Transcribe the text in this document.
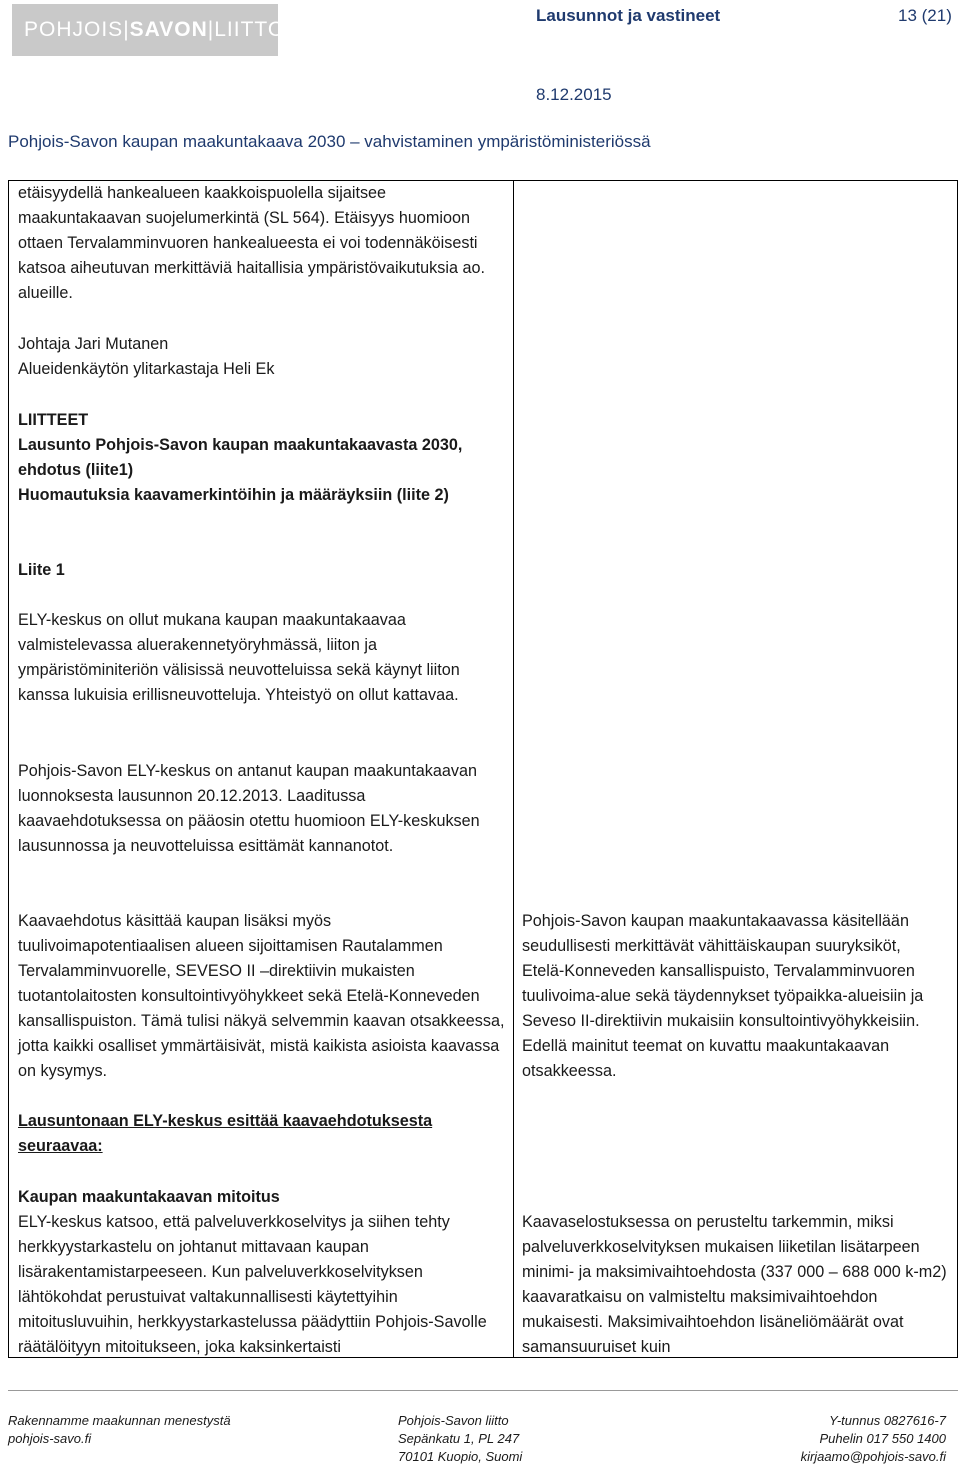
POHJOIS|SAVON|LIITTO
Lausunnot ja vastineet	13 (21)
8.12.2015
Pohjois-Savon kaupan maakuntakaava 2030 – vahvistaminen ympäristöministeriössä
etäisyydellä hankealueen kaakkoispuolella sijaitsee maakuntakaavan suojelumerkintä (SL 564). Etäisyys huomioon ottaen Tervalamminvuoren hankealueesta ei voi todennäköisesti katsoa aiheutuvan merkittäviä haitallisia ympäristövaikutuksia ao. alueille.
Johtaja Jari Mutanen
Alueidenkäytön ylitarkastaja Heli Ek
LIITTEET
Lausunto Pohjois-Savon kaupan maakuntakaavasta 2030, ehdotus (liite1)
Huomautuksia kaavamerkintöihin ja määräyksiin (liite 2)
Liite 1
ELY-keskus on ollut mukana kaupan maakuntakaavaa valmistelevassa aluerakennetyöryhmässä, liiton ja ympäristöminiteriön välisissä neuvotteluissa sekä käynyt liiton kanssa lukuisia erillisneuvotteluja. Yhteistyö on ollut kattavaa.
Pohjois-Savon ELY-keskus on antanut kaupan maakuntakaavan luonnoksesta lausunnon 20.12.2013. Laaditussa kaavaehdotuksessa on pääosin otettu huomioon ELY-keskuksen lausunnossa ja neuvotteluissa esittämät kannanotot.
Kaavaehdotus käsittää kaupan lisäksi myös tuulivoimapotentiaalisen alueen sijoittamisen Rautalammen Tervalamminvuorelle, SEVESO II –direktiivin mukaisten tuotantolaitosten konsultointivyöhykkeet sekä Etelä-Konneveden kansallispuiston. Tämä tulisi näkyä selvemmin kaavan otsakkeessa, jotta kaikki osalliset ymmärtäisivät, mistä kaikista asioista kaavassa on kysymys.
Lausuntonaan ELY-keskus esittää kaavaehdotuksesta seuraavaa:
Kaupan maakuntakaavan mitoitus
ELY-keskus katsoo, että palveluverkkoselvitys ja siihen tehty herkkyystarkastelu on johtanut mittavaan kaupan lisärakentamistarpeeseen. Kun palveluverkkoselvityksen lähtökohdat perustuivat valtakunnallisesti käytettyihin mitoitusluvuihin, herkkyystarkastelussa päädyttiin Pohjois-Savolle räätälöityyn mitoitukseen, joka kaksinkertaisti
Pohjois-Savon kaupan maakuntakaavassa käsitellään seudullisesti merkittävät vähittäiskaupan suuryksiköt, Etelä-Konneveden kansallispuisto, Tervalamminvuoren tuulivoima-alue sekä täydennykset työpaikka-alueisiin ja Seveso II-direktiivin mukaisiin konsultointivyöhykkeisiin. Edellä mainitut teemat on kuvattu maakuntakaavan otsakkeessa.
Kaavaselostuksessa on perusteltu tarkemmin, miksi palveluverkkoselvityksen mukaisen liiketilan lisätarpeen minimi- ja maksimivaihtoehdosta (337 000 – 688 000 k-m2) kaavaratkaisu on valmisteltu maksimivaihtoehdon mukaisesti. Maksimivaihtoehdon lisäneliömäärät ovat samansuuruiset kuin
Rakennamme maakunnan menestystä
pohjois-savo.fi
Pohjois-Savon liitto
Sepänkatu 1, PL 247
70101 Kuopio, Suomi
Y-tunnus 0827616-7
Puhelin 017 550 1400
kirjaamo@pohjois-savo.fi
